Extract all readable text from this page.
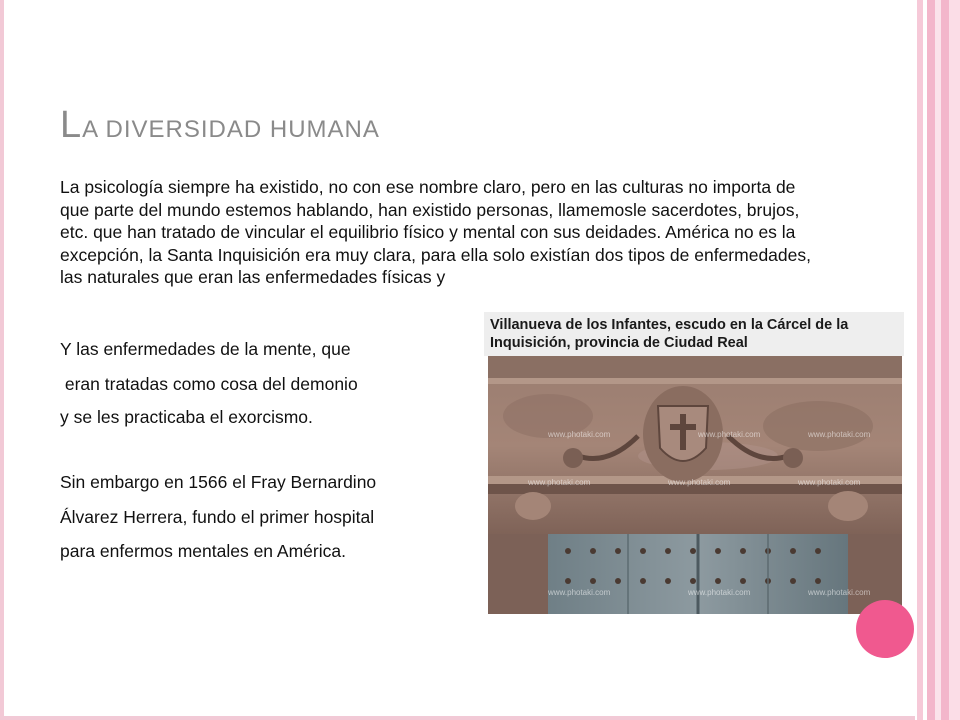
LA DIVERSIDAD HUMANA
La psicología siempre ha existido, no con ese nombre claro, pero en las culturas no importa de que parte del mundo estemos hablando, han existido personas, llamemosle sacerdotes, brujos, etc. que han tratado de vincular el equilibrio físico y mental con sus deidades. América no es la excepción, la Santa Inquisición era muy clara, para ella solo existían dos tipos de enfermedades, las naturales que eran las enfermedades físicas y
Y las enfermedades de la mente, que
eran tratadas como cosa del demonio
y se les practicaba el exorcismo.
Sin embargo en 1566 el Fray Bernardino
Álvarez Herrera, fundo el primer hospital
para enfermos mentales en América.
Villanueva de los Infantes, escudo en la Cárcel de la
Inquisición, provincia de Ciudad Real
www.photaki.com	www.photaki.com	www.photaki.com
www.photaki.com	www.photaki.com	www.photaki.com
www.photaki.com	www.photaki.com	www.photaki.com
